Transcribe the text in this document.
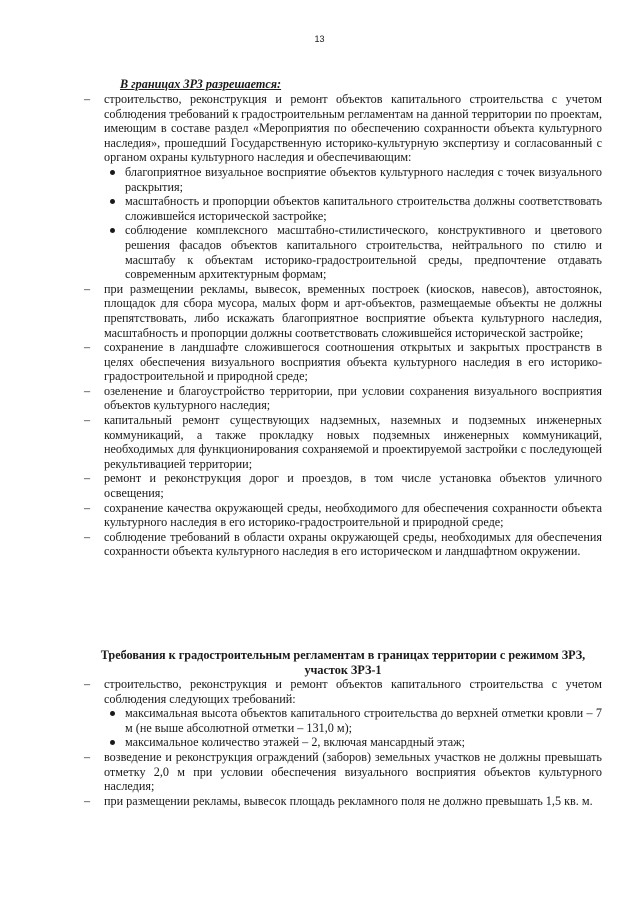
13
В границах ЗРЗ разрешается:
– строительство, реконструкция и ремонт объектов капитального строительства с учетом соблюдения требований к градостроительным регламентам на данной территории по проектам, имеющим в составе раздел «Мероприятия по обеспечению сохранности объекта культурного наследия», прошедший Государственную историко-культурную экспертизу и согласованный с органом охраны культурного наследия и обеспечивающим:
благоприятное визуальное восприятие объектов культурного наследия с точек визуального раскрытия;
масштабность и пропорции объектов капитального строительства должны соответствовать сложившейся исторической застройке;
соблюдение комплексного масштабно-стилистического, конструктивного и цветового решения фасадов объектов капитального строительства, нейтрального по стилю и масштабу к объектам историко-градостроительной среды, предпочтение отдавать современным архитектурным формам;
– при размещении рекламы, вывесок, временных построек (киосков, навесов), автостоянок, площадок для сбора мусора, малых форм и арт-объектов, размещаемые объекты не должны препятствовать, либо искажать благоприятное восприятие объекта культурного наследия, масштабность и пропорции должны соответствовать сложившейся исторической застройке;
– сохранение в ландшафте сложившегося соотношения открытых и закрытых пространств в целях обеспечения визуального восприятия объекта культурного наследия в его историко-градостроительной и природной среде;
– озеленение и благоустройство территории, при условии сохранения визуального восприятия объектов культурного наследия;
– капитальный ремонт существующих надземных, наземных и подземных инженерных коммуникаций, а также прокладку новых подземных инженерных коммуникаций, необходимых для функционирования сохраняемой и проектируемой застройки с последующей рекультивацией территории;
– ремонт и реконструкция дорог и проездов, в том числе установка объектов уличного освещения;
– сохранение качества окружающей среды, необходимого для обеспечения сохранности объекта культурного наследия в его историко-градостроительной и природной среде;
– соблюдение требований в области охраны окружающей среды, необходимых для обеспечения сохранности объекта культурного наследия в его историческом и ландшафтном окружении.
Требования к градостроительным регламентам в границах территории с режимом ЗРЗ,
участок ЗРЗ-1
– строительство, реконструкция и ремонт объектов капитального строительства с учетом соблюдения следующих требований:
максимальная высота объектов капитального строительства до верхней отметки кровли – 7 м (не выше абсолютной отметки – 131,0 м);
максимальное количество этажей – 2, включая мансардный этаж;
– возведение и реконструкция ограждений (заборов) земельных участков не должны превышать отметку 2,0 м при условии обеспечения визуального восприятия объектов культурного наследия;
– при размещении рекламы, вывесок площадь рекламного поля не должно превышать 1,5 кв. м.
